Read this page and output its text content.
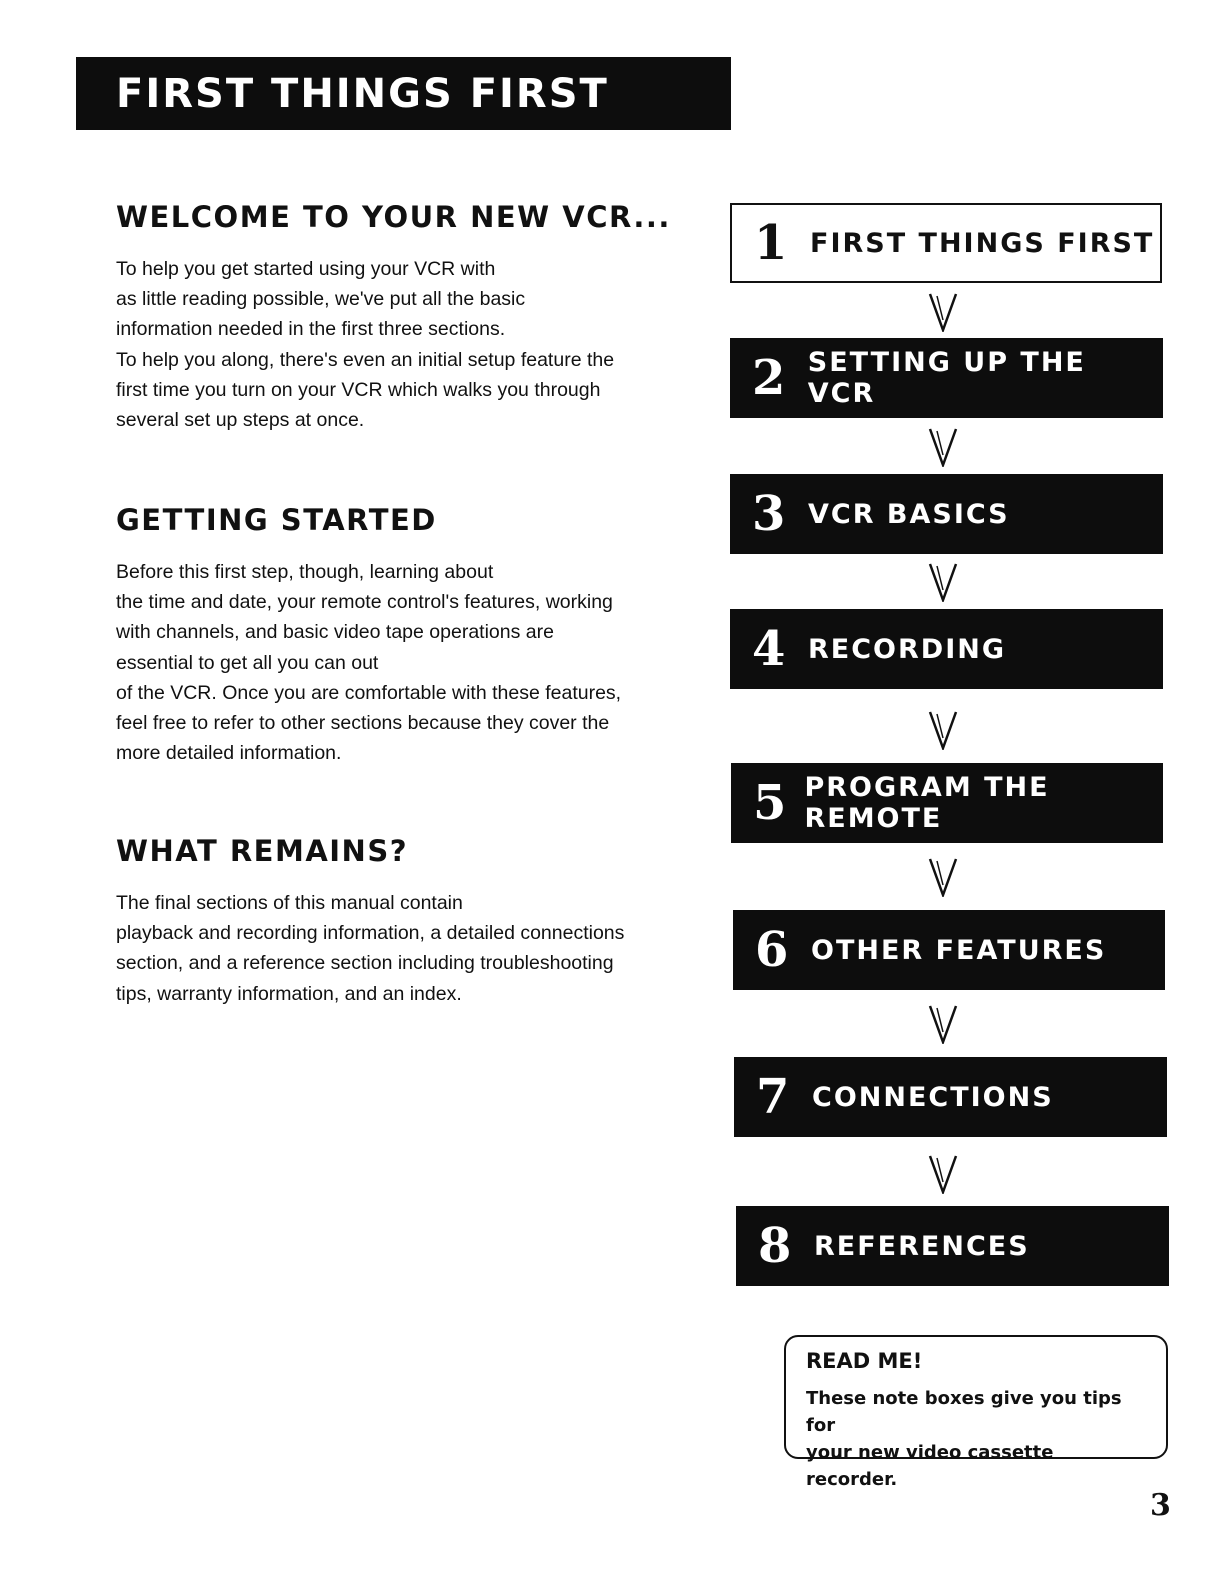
FIRST THINGS FIRST
WELCOME TO YOUR NEW VCR...

To help you get started using your VCR with
as little reading possible, we've put all the basic
information needed in the first three sections.
To help you along, there's even an initial setup feature the
first time you turn on your VCR which walks you through
several set up steps at once.

GETTING STARTED

Before this first step, though, learning about
the time and date, your remote control's features, working
with channels, and basic video tape operations are
essential to get all you can out
of the VCR. Once you are comfortable with these features,
feel free to refer to other sections because they cover the
more detailed information.

WHAT REMAINS?

The final sections of this manual contain
playback and recording information, a detailed connections
section, and a reference section including troubleshooting
tips, warranty information, and an index.

1 FIRST THINGS FIRST
2 SETTING UP THE VCR
3 VCR BASICS
4 RECORDING
5 PROGRAM THE REMOTE
6 OTHER FEATURES
7 CONNECTIONS
8 REFERENCES
READ ME!
These note boxes give you tips for
your new video cassette recorder.
3
